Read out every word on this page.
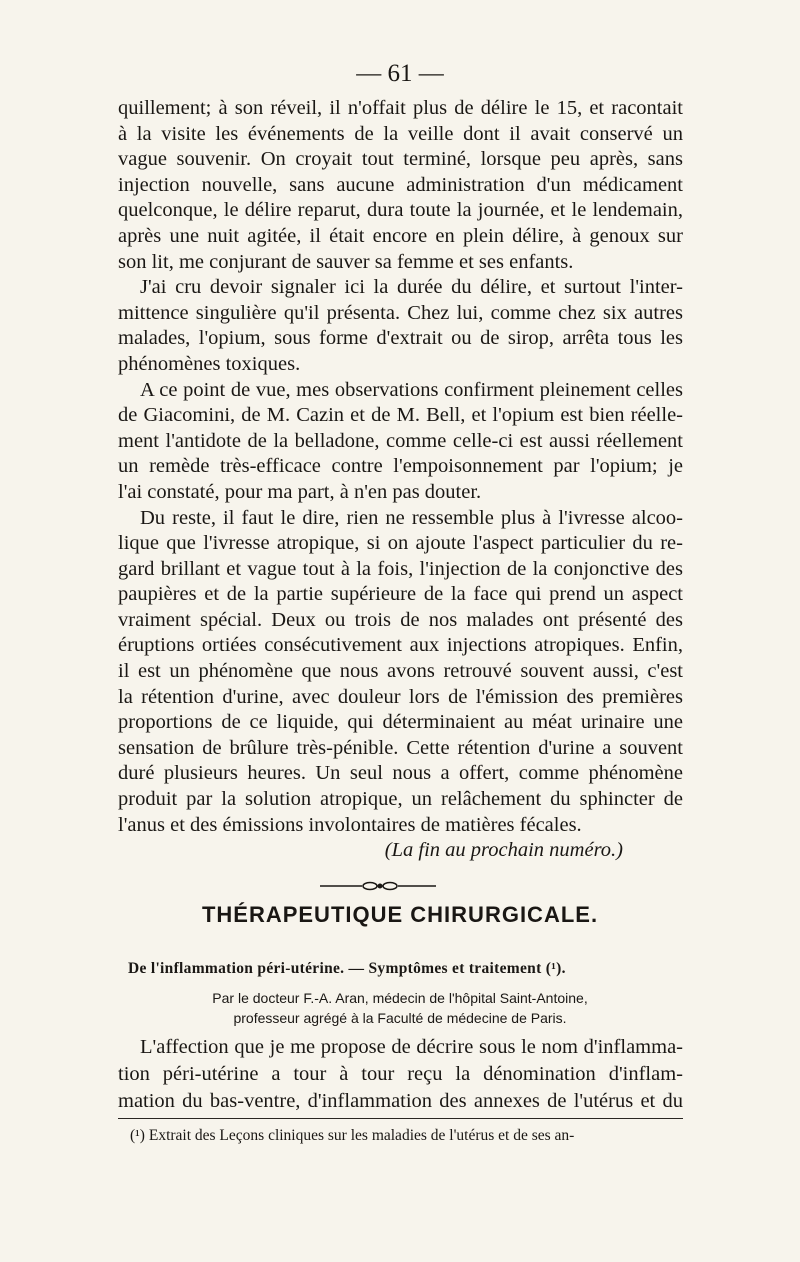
— 61 —
quillement; à son réveil, il n'offait plus de délire le 15, et racontait
à la visite les événements de la veille dont il avait conservé un
vague souvenir. On croyait tout terminé, lorsque peu après, sans
injection nouvelle, sans aucune administration d'un médicament
quelconque, le délire reparut, dura toute la journée, et le lendemain,
après une nuit agitée, il était encore en plein délire, à genoux sur
son lit, me conjurant de sauver sa femme et ses enfants.
J'ai cru devoir signaler ici la durée du délire, et surtout l'inter-
mittence singulière qu'il présenta. Chez lui, comme chez six autres
malades, l'opium, sous forme d'extrait ou de sirop, arrêta tous les
phénomènes toxiques.
A ce point de vue, mes observations confirment pleinement celles
de Giacomini, de M. Cazin et de M. Bell, et l'opium est bien réelle-
ment l'antidote de la belladone, comme celle-ci est aussi réellement
un remède très-efficace contre l'empoisonnement par l'opium; je
l'ai constaté, pour ma part, à n'en pas douter.
Du reste, il faut le dire, rien ne ressemble plus à l'ivresse alcoo-
lique que l'ivresse atropique, si on ajoute l'aspect particulier du re-
gard brillant et vague tout à la fois, l'injection de la conjonctive des
paupières et de la partie supérieure de la face qui prend un aspect
vraiment spécial. Deux ou trois de nos malades ont présenté des
éruptions ortiées consécutivement aux injections atropiques. Enfin,
il est un phénomène que nous avons retrouvé souvent aussi, c'est
la rétention d'urine, avec douleur lors de l'émission des premières
proportions de ce liquide, qui déterminaient au méat urinaire une
sensation de brûlure très-pénible. Cette rétention d'urine a souvent
duré plusieurs heures. Un seul nous a offert, comme phénomène
produit par la solution atropique, un relâchement du sphincter de
l'anus et des émissions involontaires de matières fécales.
(La fin au prochain numéro.)
THÉRAPEUTIQUE CHIRURGICALE.
De l'inflammation péri-utérine. — Symptômes et traitement (¹).
Par le docteur F.-A. Aran, médecin de l'hôpital Saint-Antoine,
professeur agrégé à la Faculté de médecine de Paris.
L'affection que je me propose de décrire sous le nom d'inflamma-
tion péri-utérine a tour à tour reçu la dénomination d'inflam-
mation du bas-ventre, d'inflammation des annexes de l'utérus et du
(¹) Extrait des Leçons cliniques sur les maladies de l'utérus et de ses an-
